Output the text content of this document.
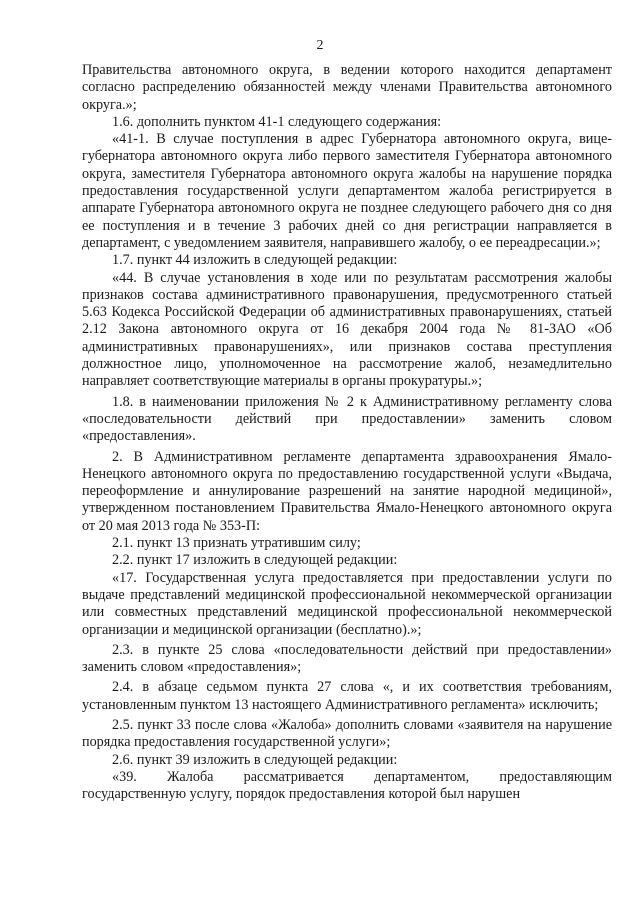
2

Правительства автономного округа, в ведении которого находится департамент согласно распределению обязанностей между членами Правительства автономного округа.»;

1.6. дополнить пунктом 41-1 следующего содержания:

«41-1. В случае поступления в адрес Губернатора автономного округа, вице-губернатора автономного округа либо первого заместителя Губернатора автономного округа, заместителя Губернатора автономного округа жалобы на нарушение порядка предоставления государственной услуги департаментом жалоба регистрируется в аппарате Губернатора автономного округа не позднее следующего рабочего дня со дня ее поступления и в течение 3 рабочих дней со дня регистрации направляется в департамент, с уведомлением заявителя, направившего жалобу, о ее переадресации.»;

1.7. пункт 44 изложить в следующей редакции:

«44. В случае установления в ходе или по результатам рассмотрения жалобы признаков состава административного правонарушения, предусмотренного статьей 5.63 Кодекса Российской Федерации об административных правонарушениях, статьей 2.12 Закона автономного округа от 16 декабря 2004 года № 81-ЗАО «Об административных правонарушениях», или признаков состава преступления должностное лицо, уполномоченное на рассмотрение жалоб, незамедлительно направляет соответствующие материалы в органы прокуратуры.»;

1.8. в наименовании приложения № 2 к Административному регламенту слова «последовательности действий при предоставлении» заменить словом «предоставления».

2. В Административном регламенте департамента здравоохранения Ямало-Ненецкого автономного округа по предоставлению государственной услуги «Выдача, переоформление и аннулирование разрешений на занятие народной медициной», утвержденном постановлением Правительства Ямало-Ненецкого автономного округа от 20 мая 2013 года № 353-П:

2.1. пункт 13 признать утратившим силу;

2.2. пункт 17 изложить в следующей редакции:

«17. Государственная услуга предоставляется при предоставлении услуги по выдаче представлений медицинской профессиональной некоммерческой организации или совместных представлений медицинской профессиональной некоммерческой организации и медицинской организации (бесплатно).»;

2.3. в пункте 25 слова «последовательности действий при предоставлении» заменить словом «предоставления»;

2.4. в абзаце седьмом пункта 27 слова «, и их соответствия требованиям, установленным пунктом 13 настоящего Административного регламента» исключить;

2.5. пункт 33 после слова «Жалоба» дополнить словами «заявителя на нарушение порядка предоставления государственной услуги»;

2.6. пункт 39 изложить в следующей редакции:

«39. Жалоба рассматривается департаментом, предоставляющим государственную услугу, порядок предоставления которой был нарушен
